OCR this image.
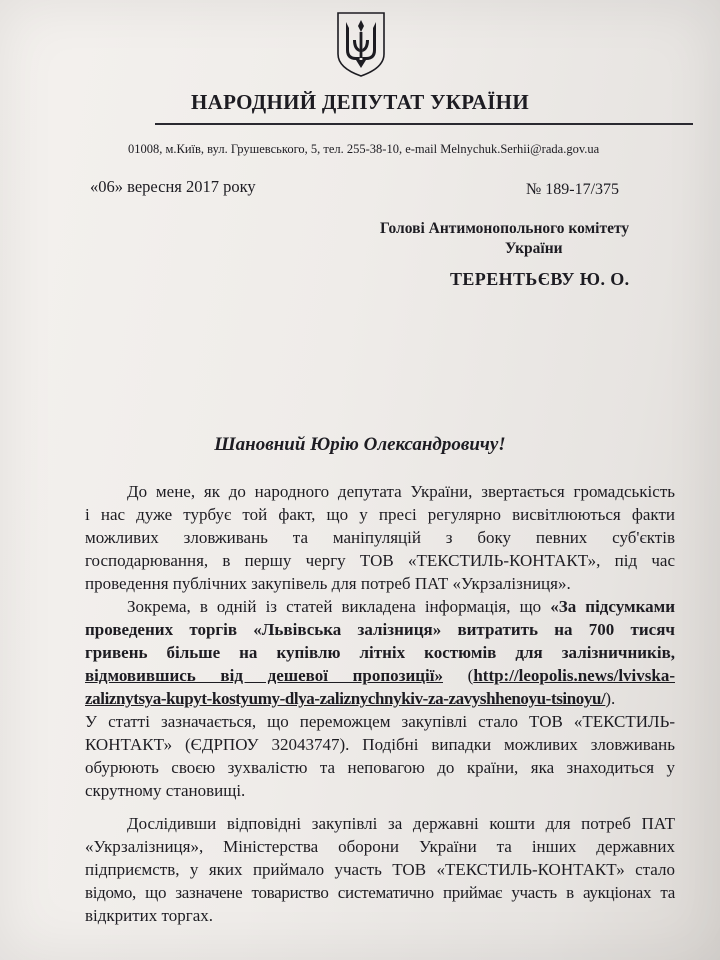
НАРОДНИЙ ДЕПУТАТ УКРАЇНИ
01008, м.Київ, вул. Грушевського, 5, тел. 255-38-10, e-mail Melnychuk.Serhii@rada.gov.ua
«06» вересня 2017 року	№ 189-17/375
Голові Антимонопольного комітету
України
ТЕРЕНТЬЄВУ Ю. О.
Шановний Юрію Олександровичу!
До мене, як до народного депутата України, звертається громадськість
і нас дуже турбує той факт, що у пресі регулярно висвітлюються факти
можливих зловживань та маніпуляцій з боку певних суб'єктів
господарювання, в першу чергу ТОВ «ТЕКСТИЛЬ-КОНТАКТ», під час
проведення публічних закупівель для потреб ПАТ «Укрзалізниця».
Зокрема, в одній із статей викладена інформація, що «За підсумками
проведених торгів «Львівська залізниця» витратить на 700 тисяч
гривень більше на купівлю літніх костюмів для залізничників,
відмовившись від дешевої пропозиції» (http://leopolis.news/lvivska-
zaliznytsya-kupyt-kostyumy-dlya-zaliznychnykiv-za-zavyshhenoyu-tsinoyu/).
У статті зазначається, що переможцем закупівлі стало ТОВ «ТЕКСТИЛЬ-
КОНТАКТ» (ЄДРПОУ 32043747). Подібні випадки можливих зловживань
обурюють своєю зухвалістю та неповагою до країни, яка знаходиться у
скрутному становищі.
Дослідивши відповідні закупівлі за державні кошти для потреб ПАТ
«Укрзалізниця», Міністерства оборони України та інших державних
підприємств, у яких приймало участь ТОВ «ТЕКСТИЛЬ-КОНТАКТ» стало
відомо, що зазначене товариство систематично приймає участь в аукціонах та
відкритих торгах.
